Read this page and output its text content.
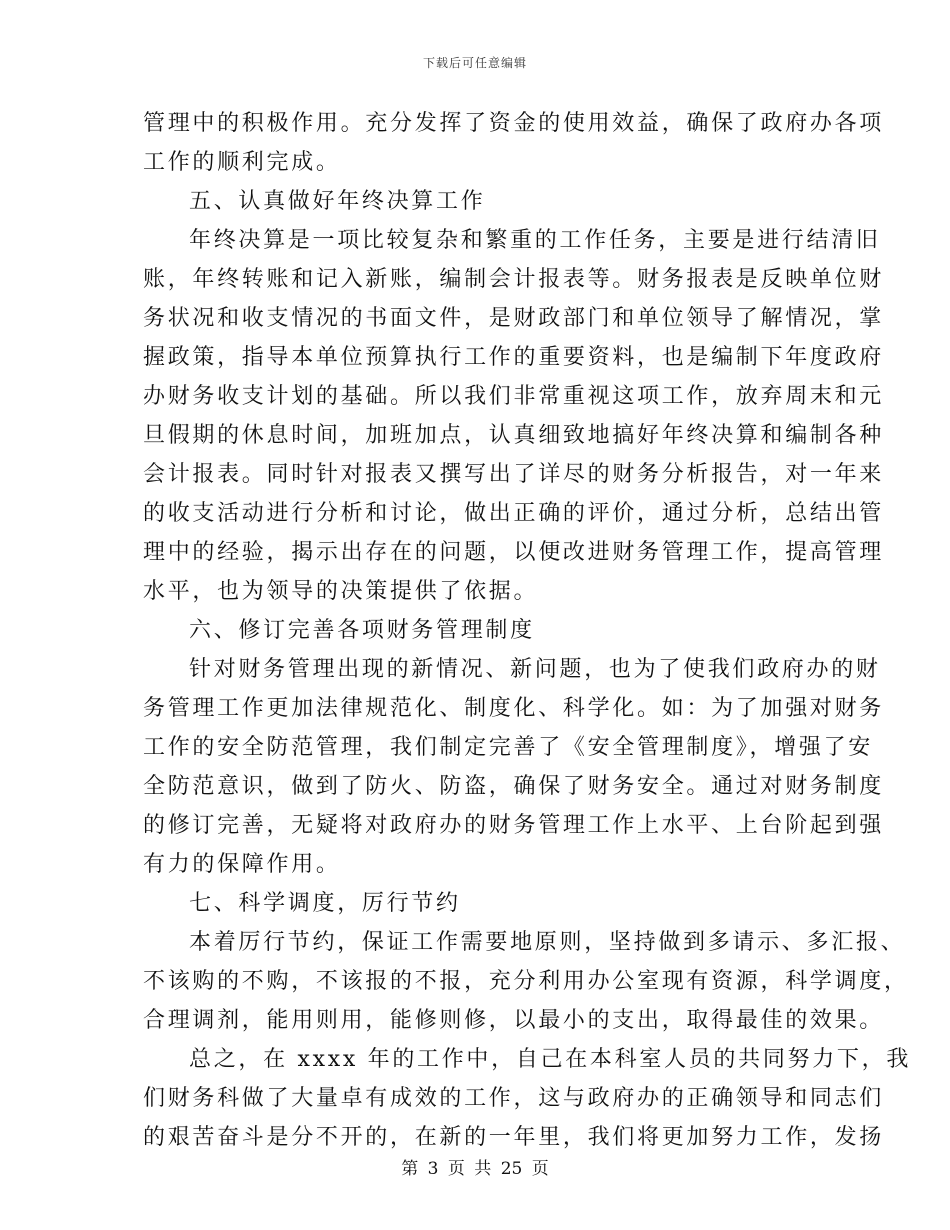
下载后可任意编辑
管理中的积极作用。充分发挥了资金的使用效益，确保了政府办各项
工作的顺利完成。
五、认真做好年终决算工作
年终决算是一项比较复杂和繁重的工作任务，主要是进行结清旧
账，年终转账和记入新账，编制会计报表等。财务报表是反映单位财
务状况和收支情况的书面文件，是财政部门和单位领导了解情况，掌
握政策，指导本单位预算执行工作的重要资料，也是编制下年度政府
办财务收支计划的基础。所以我们非常重视这项工作，放弃周末和元
旦假期的休息时间，加班加点，认真细致地搞好年终决算和编制各种
会计报表。同时针对报表又撰写出了详尽的财务分析报告，对一年来
的收支活动进行分析和讨论，做出正确的评价，通过分析，总结出管
理中的经验，揭示出存在的问题，以便改进财务管理工作，提高管理
水平，也为领导的决策提供了依据。
六、修订完善各项财务管理制度
针对财务管理出现的新情况、新问题，也为了使我们政府办的财
务管理工作更加法律规范化、制度化、科学化。如：为了加强对财务
工作的安全防范管理，我们制定完善了《安全管理制度》，增强了安
全防范意识，做到了防火、防盗，确保了财务安全。通过对财务制度
的修订完善，无疑将对政府办的财务管理工作上水平、上台阶起到强
有力的保障作用。
七、科学调度，厉行节约
本着厉行节约，保证工作需要地原则，坚持做到多请示、多汇报、
不该购的不购，不该报的不报，充分利用办公室现有资源，科学调度，
合理调剂，能用则用，能修则修，以最小的支出，取得最佳的效果。
总之，在 xxxx 年的工作中，自己在本科室人员的共同努力下，我
们财务科做了大量卓有成效的工作，这与政府办的正确领导和同志们
的艰苦奋斗是分不开的，在新的一年里，我们将更加努力工作，发扬
第 3 页 共 25 页
